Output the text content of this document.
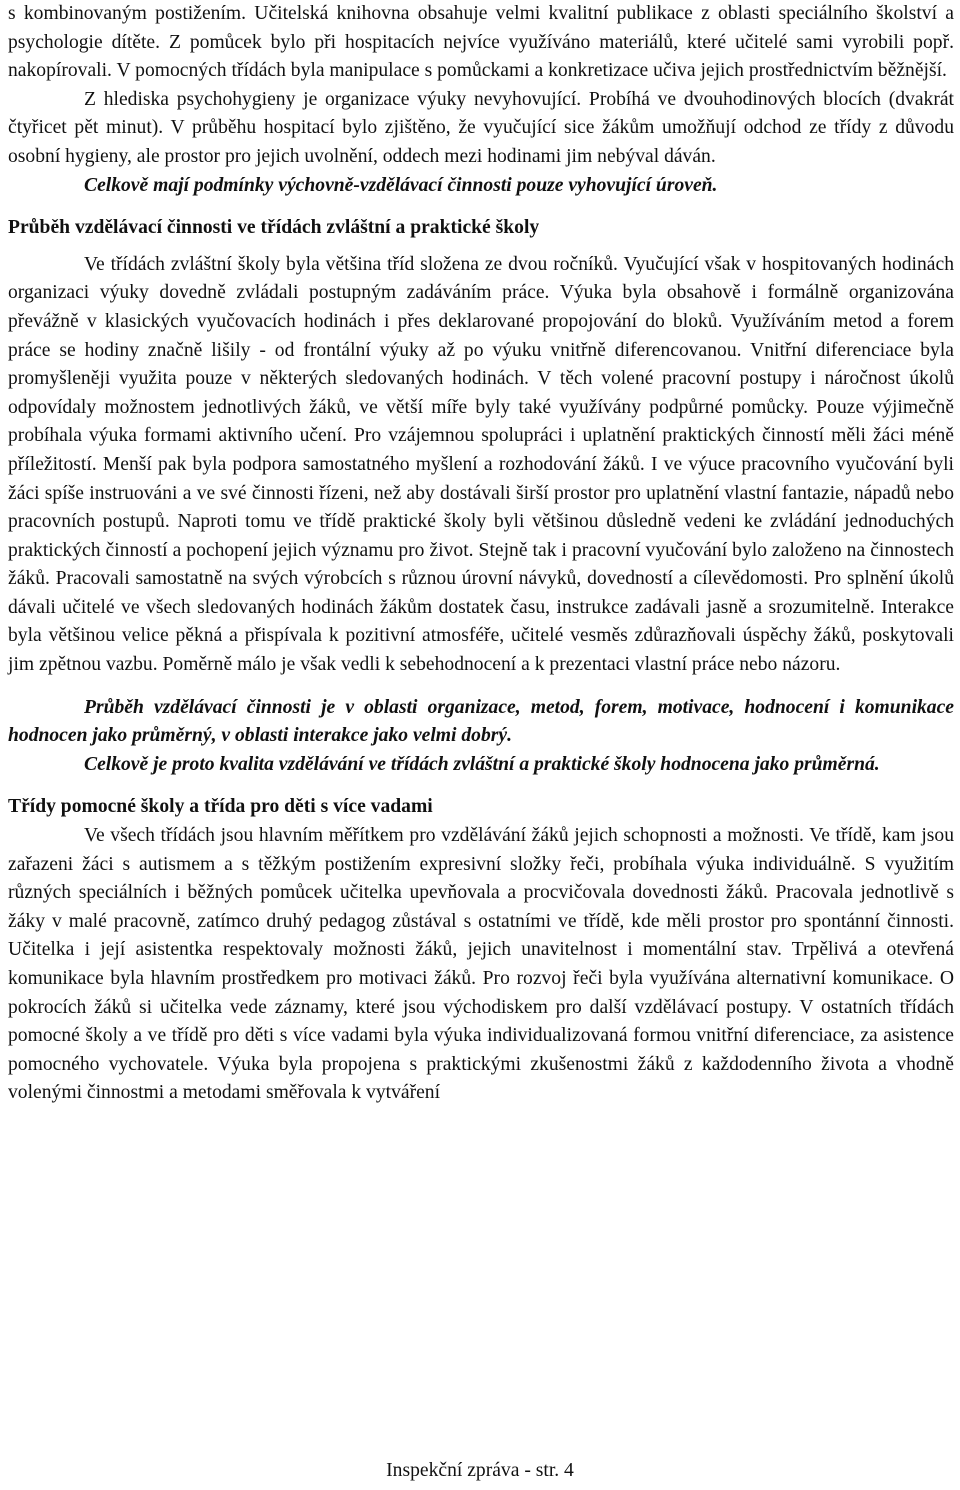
s kombinovaným postižením. Učitelská knihovna obsahuje velmi kvalitní publikace z oblasti speciálního školství a psychologie dítěte. Z pomůcek bylo při hospitacích nejvíce využíváno materiálů, které učitelé sami vyrobili popř. nakopírovali. V pomocných třídách byla manipulace s pomůckami a konkretizace učiva jejich prostřednictvím běžnější.

Z hlediska psychohygieny je organizace výuky nevyhovující. Probíhá ve dvouhodinových blocích (dvakrát čtyřicet pět minut). V průběhu hospitací bylo zjištěno, že vyučující sice žákům umožňují odchod ze třídy z důvodu osobní hygieny, ale prostor pro jejich uvolnění, oddech mezi hodinami jim nebýval dáván.

Celkově mají podmínky výchovně-vzdělávací činnosti pouze vyhovující úroveň.

Průběh vzdělávací činnosti ve třídách zvláštní a praktické školy

Ve třídách zvláštní školy byla většina tříd složena ze dvou ročníků. Vyučující však v hospitovaných hodinách organizaci výuky dovedně zvládali postupným zadáváním práce. Výuka byla obsahově i formálně organizována převážně v klasických vyučovacích hodinách i přes deklarované propojování do bloků. Využíváním metod a forem práce se hodiny značně lišily - od frontální výuky až po výuku vnitřně diferencovanou. Vnitřní diferenciace byla promyšleněji využita pouze v některých sledovaných hodinách. V těch volené pracovní postupy i náročnost úkolů odpovídaly možnostem jednotlivých žáků, ve větší míře byly také využívány podpůrné pomůcky. Pouze výjimečně probíhala výuka formami aktivního učení. Pro vzájemnou spolupráci i uplatnění praktických činností měli žáci méně příležitostí. Menší pak byla podpora samostatného myšlení a rozhodování žáků. I ve výuce pracovního vyučování byli žáci spíše instruováni a ve své činnosti řízeni, než aby dostávali širší prostor pro uplatnění vlastní fantazie, nápadů nebo pracovních postupů. Naproti tomu ve třídě praktické školy byli většinou důsledně vedeni ke zvládání jednoduchých praktických činností a pochopení jejich významu pro život. Stejně tak i pracovní vyučování bylo založeno na činnostech žáků. Pracovali samostatně na svých výrobcích s různou úrovní návyků, dovedností a cílevědomosti. Pro splnění úkolů dávali učitelé ve všech sledovaných hodinách žákům dostatek času, instrukce zadávali jasně a srozumitelně. Interakce byla většinou velice pěkná a přispívala k pozitivní atmosféře, učitelé vesměs zdůrazňovali úspěchy žáků, poskytovali jim zpětnou vazbu. Poměrně málo je však vedli k sebehodnocení a k prezentaci vlastní práce nebo názoru.

Průběh vzdělávací činnosti je v oblasti organizace, metod, forem, motivace, hodnocení i komunikace hodnocen jako průměrný, v oblasti interakce jako velmi dobrý.

Celkově je proto kvalita vzdělávání ve třídách zvláštní a praktické školy hodnocena jako průměrná.

Třídy pomocné školy a třída pro děti s více vadami

Ve všech třídách jsou hlavním měřítkem pro vzdělávání žáků jejich schopnosti a možnosti. Ve třídě, kam jsou zařazeni žáci s autismem a s těžkým postižením expresivní složky řeči, probíhala výuka individuálně. S využitím různých speciálních i běžných pomůcek učitelka upevňovala a procvičovala dovednosti žáků. Pracovala jednotlivě s žáky v malé pracovně, zatímco druhý pedagog zůstával s ostatními ve třídě, kde měli prostor pro spontánní činnosti. Učitelka i její asistentka respektovaly možnosti žáků, jejich unavitelnost i momentální stav. Trpělivá a otevřená komunikace byla hlavním prostředkem pro motivaci žáků. Pro rozvoj řeči byla využívána alternativní komunikace. O pokrocích žáků si učitelka vede záznamy, které jsou východiskem pro další vzdělávací postupy. V ostatních třídách pomocné školy a ve třídě pro děti s více vadami byla výuka individualizovaná formou vnitřní diferenciace, za asistence pomocného vychovatele. Výuka byla propojena s praktickými zkušenostmi žáků z každodenního života a vhodně volenými činnostmi a metodami směřovala k vytváření

Inspekční zpráva - str. 4
